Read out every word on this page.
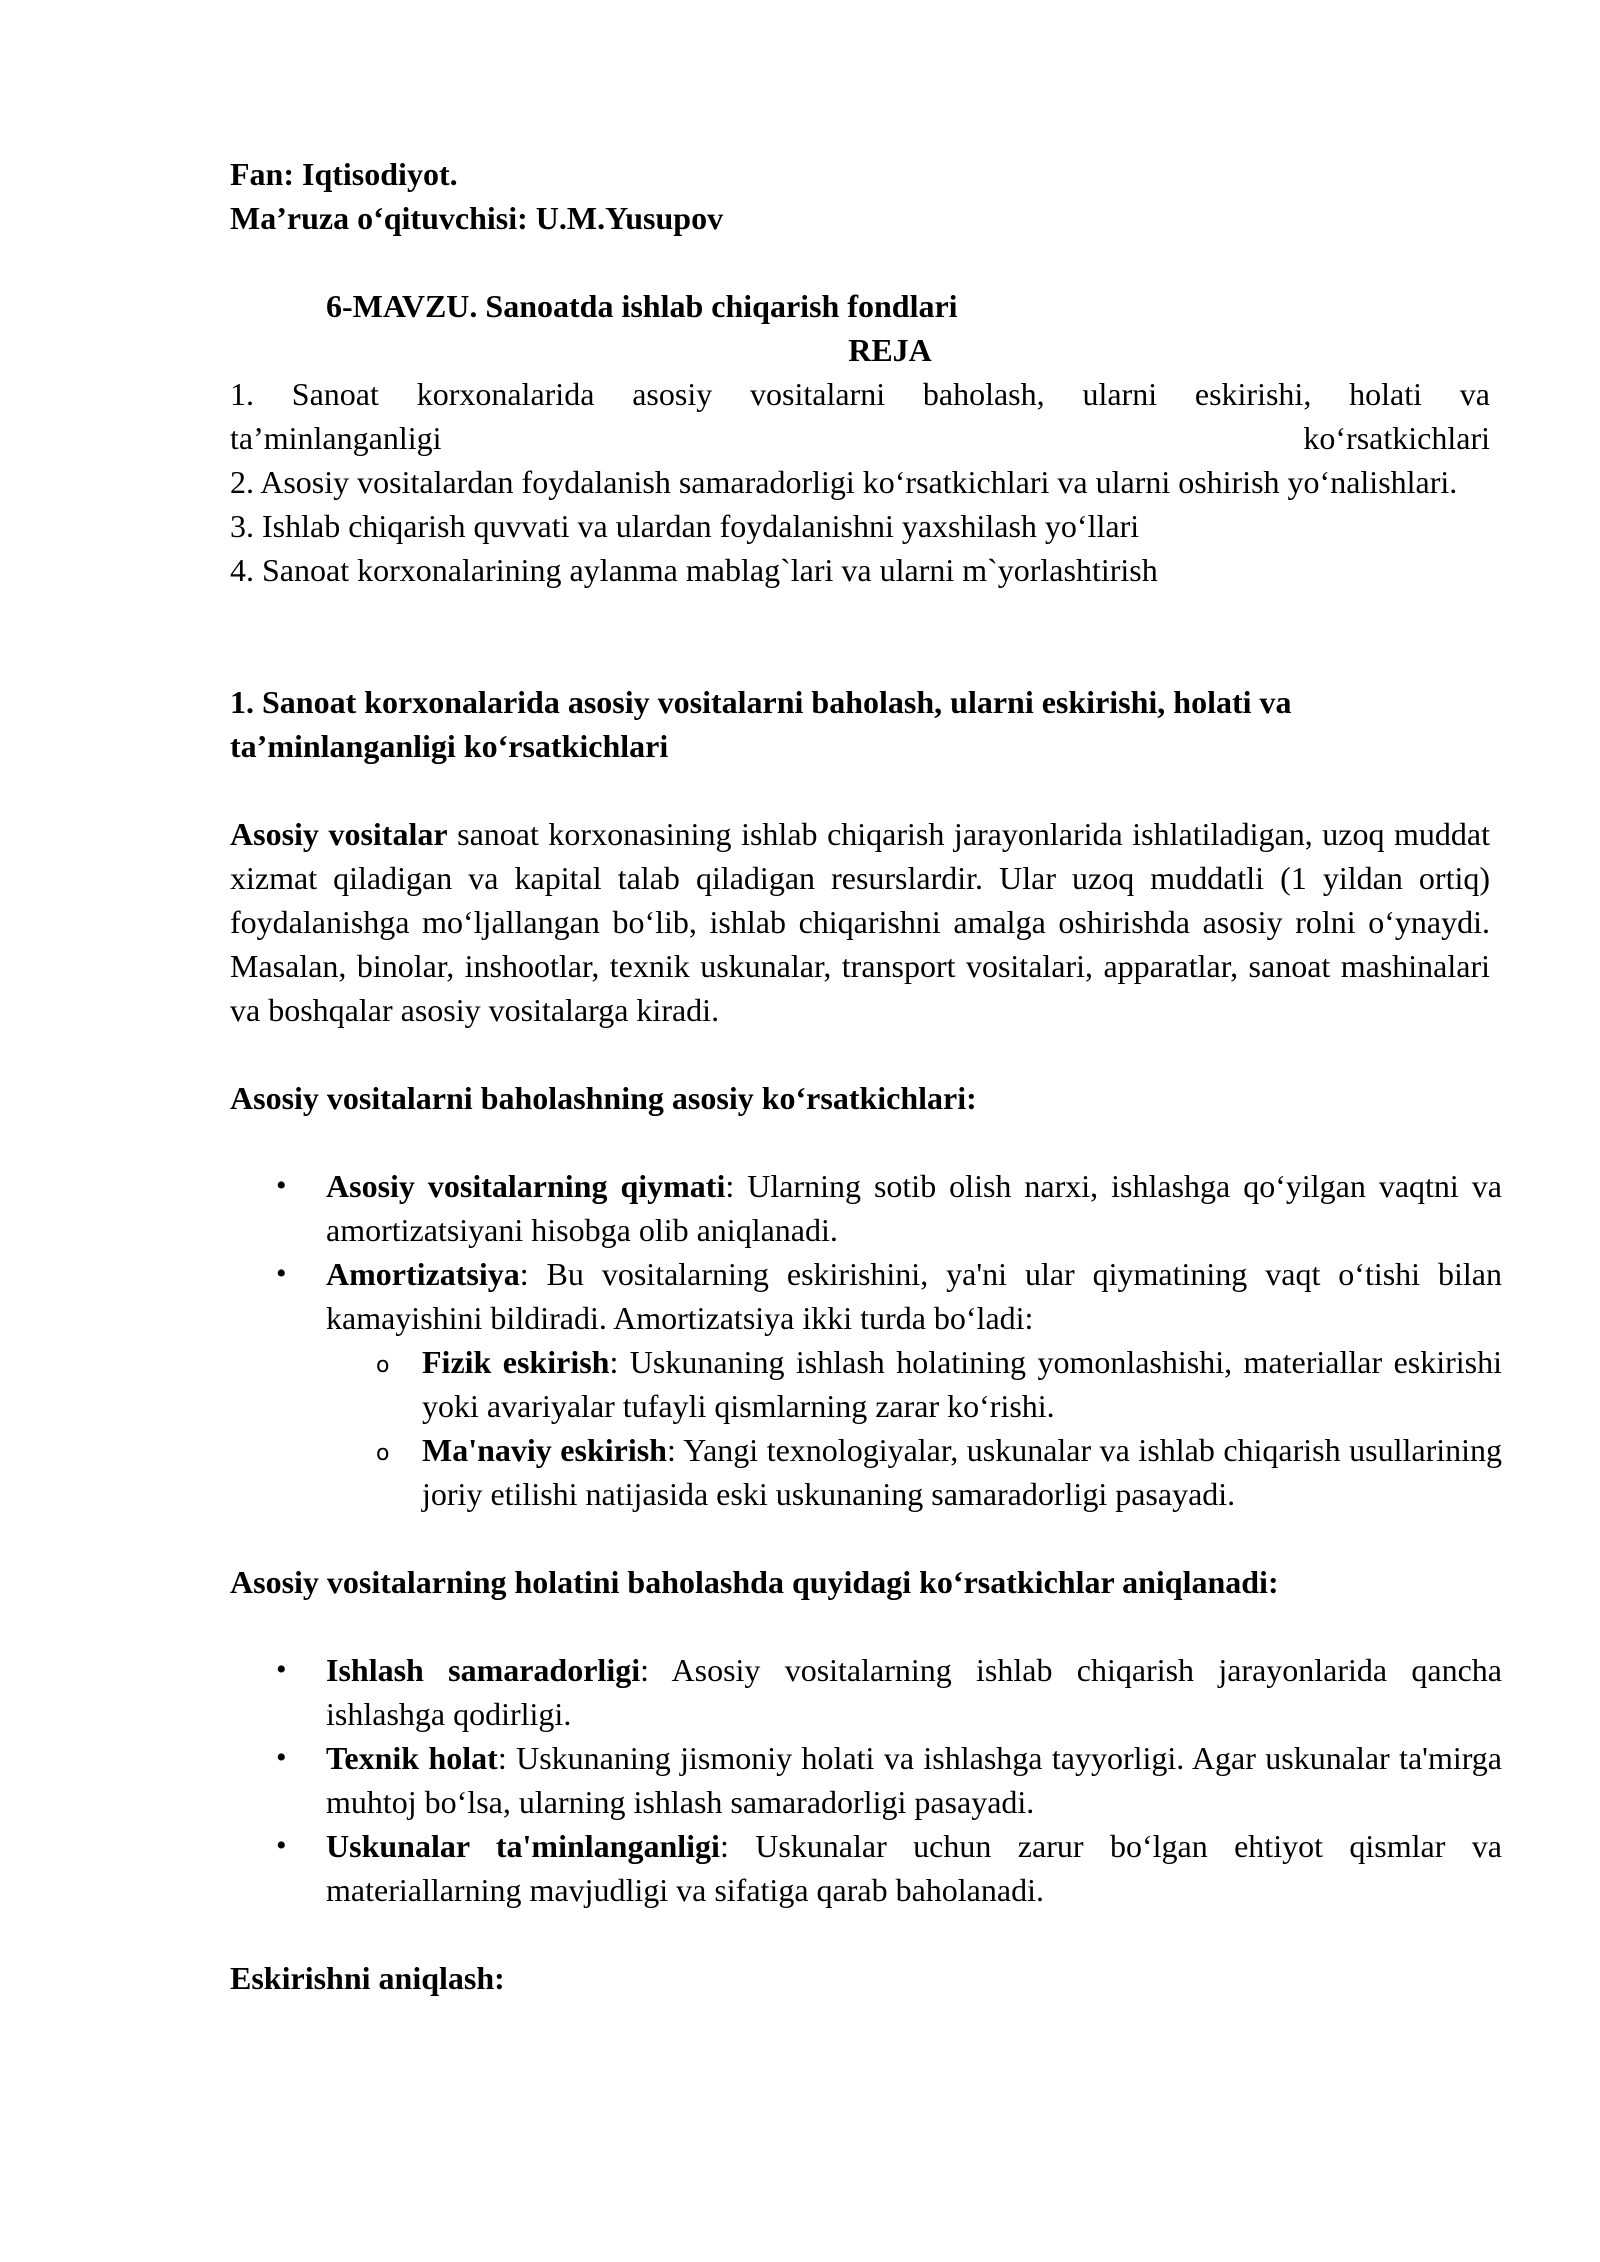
Fan: Iqtisodiyot.
Ma’ruza o‘qituvchisi: U.M.Yusupov
6-MAVZU. Sanoatda ishlab chiqarish fondlari
REJA

1. Sanoat korxonalarida asosiy vositalarni baholash, ularni eskirishi, holati va

ta’minlanganligi	ko‘rsatkichlari

2. Asosiy vositalardan foydalanish samaradorligi ko‘rsatkichlari va ularni oshirish yo‘nalishlari.

3. Ishlab chiqarish quvvati va ulardan foydalanishni yaxshilash yo‘llari

4. Sanoat korxonalarining aylanma mablag`lari va ularni m`yorlashtirish

1. Sanoat korxonalarida asosiy vositalarni baholash, ularni eskirishi, holati va ta’minlanganligi ko‘rsatkichlari

Asosiy vositalar sanoat korxonasining ishlab chiqarish jarayonlarida ishlatiladigan, uzoq muddat xizmat qiladigan va kapital talab qiladigan resurslardir. Ular uzoq muddatli (1 yildan ortiq) foydalanishga mo‘ljallangan bo‘lib, ishlab chiqarishni amalga oshirishda asosiy rolni o‘ynaydi. Masalan, binolar, inshootlar, texnik uskunalar, transport vositalari, apparatlar, sanoat mashinalari va boshqalar asosiy vositalarga kiradi.

Asosiy vositalarni baholashning asosiy ko‘rsatkichlari:

• Asosiy vositalarning qiymati: Ularning sotib olish narxi, ishlashga qo‘yilgan vaqtni va amortizatsiyani hisobga olib aniqlanadi.
• Amortizatsiya: Bu vositalarning eskirishini, ya'ni ular qiymatining vaqt o‘tishi bilan kamayishini bildiradi. Amortizatsiya ikki turda bo‘ladi:
o Fizik eskirish: Uskunaning ishlash holatining yomonlashishi, materiallar eskirishi yoki avariyalar tufayli qismlarning zarar ko‘rishi.
o Ma'naviy eskirish: Yangi texnologiyalar, uskunalar va ishlab chiqarish usullarining joriy etilishi natijasida eski uskunaning samaradorligi pasayadi.

Asosiy vositalarning holatini baholashda quyidagi ko‘rsatkichlar aniqlanadi:

• Ishlash samaradorligi: Asosiy vositalarning ishlab chiqarish jarayonlarida qancha ishlashga qodirligi.
• Texnik holat: Uskunaning jismoniy holati va ishlashga tayyorligi. Agar uskunalar ta'mirga muhtoj bo‘lsa, ularning ishlash samaradorligi pasayadi.
• Uskunalar ta'minlanganligi: Uskunalar uchun zarur bo‘lgan ehtiyot qismlar va materiallarning mavjudligi va sifatiga qarab baholanadi.

Eskirishni aniqlash:
